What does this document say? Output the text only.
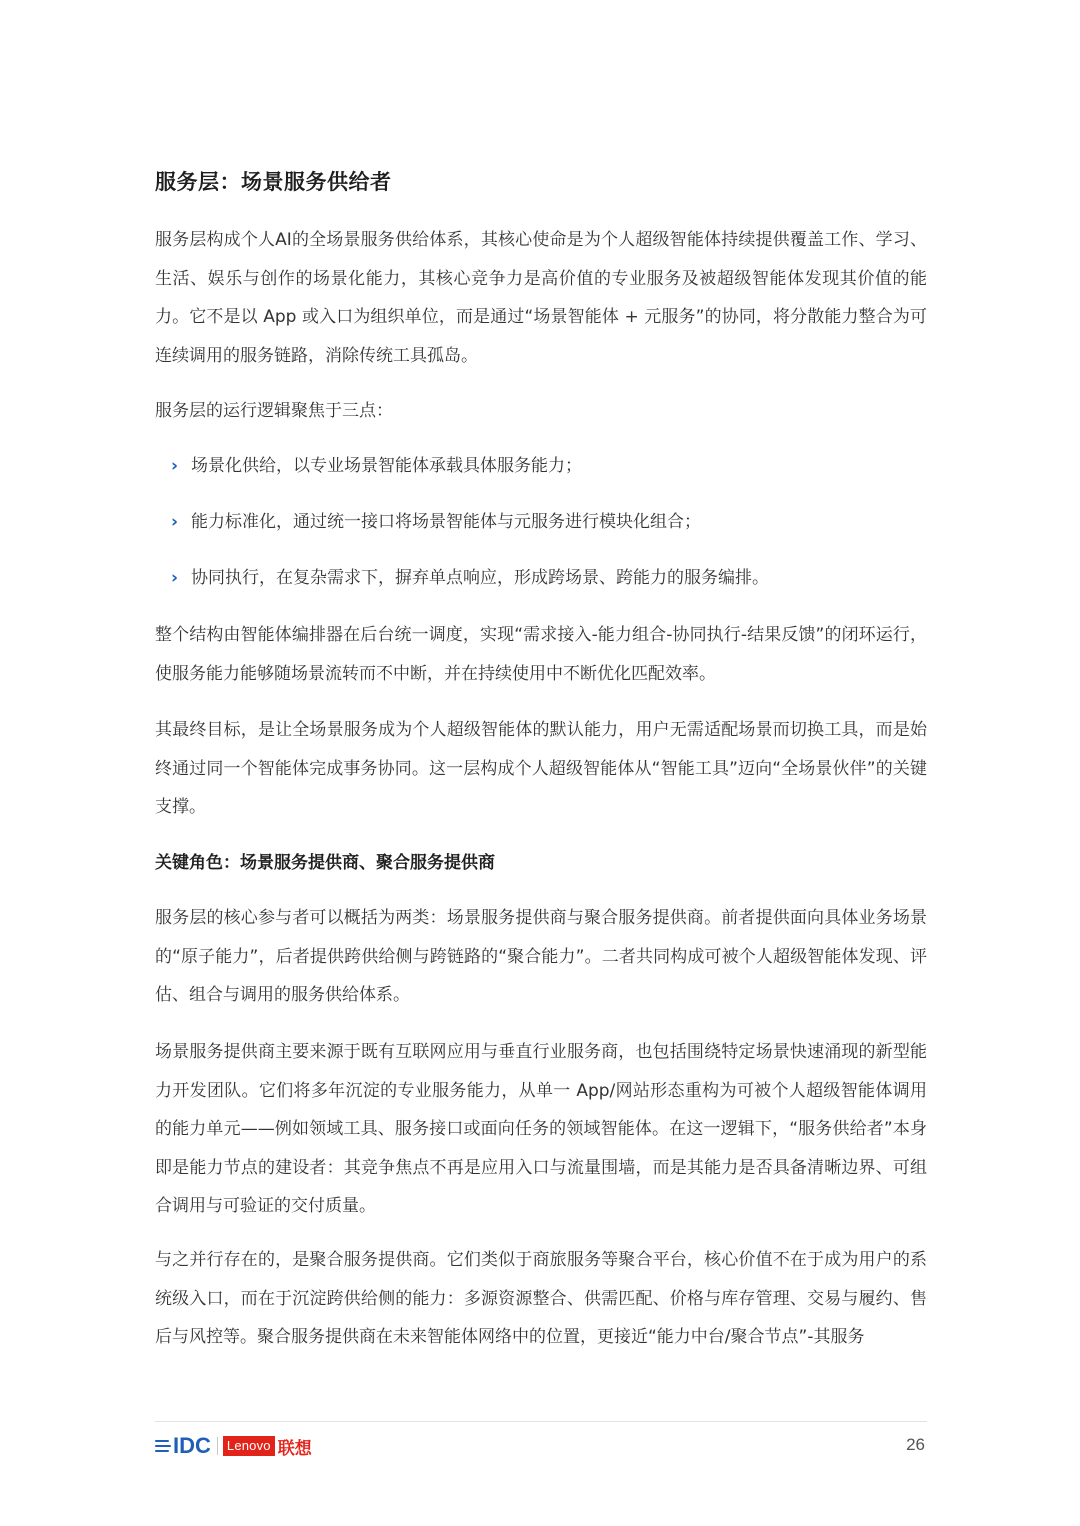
服务层：场景服务供给者
服务层构成个人AI的全场景服务供给体系，其核心使命是为个人超级智能体持续提供覆盖工作、学习、生活、娱乐与创作的场景化能力，其核心竞争力是高价值的专业服务及被超级智能体发现其价值的能力。它不是以 App 或入口为组织单位，而是通过“场景智能体 + 元服务”的协同，将分散能力整合为可连续调用的服务链路，消除传统工具孤岛。
服务层的运行逻辑聚焦于三点：
› 场景化供给，以专业场景智能体承载具体服务能力；
› 能力标准化，通过统一接口将场景智能体与元服务进行模块化组合；
› 协同执行，在复杂需求下，摒弃单点响应，形成跨场景、跨能力的服务编排。
整个结构由智能体编排器在后台统一调度，实现“需求接入-能力组合-协同执行-结果反馈”的闭环运行，使服务能力能够随场景流转而不中断，并在持续使用中不断优化匹配效率。
其最终目标，是让全场景服务成为个人超级智能体的默认能力，用户无需适配场景而切换工具，而是始终通过同一个智能体完成事务协同。这一层构成个人超级智能体从“智能工具”迈向“全场景伙伴”的关键支撑。
关键角色：场景服务提供商、聚合服务提供商
服务层的核心参与者可以概括为两类：场景服务提供商与聚合服务提供商。前者提供面向具体业务场景的“原子能力”，后者提供跨供给侧与跨链路的“聚合能力”。二者共同构成可被个人超级智能体发现、评估、组合与调用的服务供给体系。
场景服务提供商主要来源于既有互联网应用与垂直行业服务商，也包括围绕特定场景快速涌现的新型能力开发团队。它们将多年沉淀的专业服务能力，从单一 App/网站形态重构为可被个人超级智能体调用的能力单元——例如领域工具、服务接口或面向任务的领域智能体。在这一逻辑下，“服务供给者”本身即是能力节点的建设者：其竞争焦点不再是应用入口与流量围墙，而是其能力是否具备清晰边界、可组合调用与可验证的交付质量。
与之并行存在的，是聚合服务提供商。它们类似于商旅服务等聚合平台，核心价值不在于成为用户的系统级入口，而在于沉淀跨供给侧的能力：多源资源整合、供需匹配、价格与库存管理、交易与履约、售后与风控等。聚合服务提供商在未来智能体网络中的位置，更接近“能力中台/聚合节点”-其服务
IDC	Lenovo 联想	26
